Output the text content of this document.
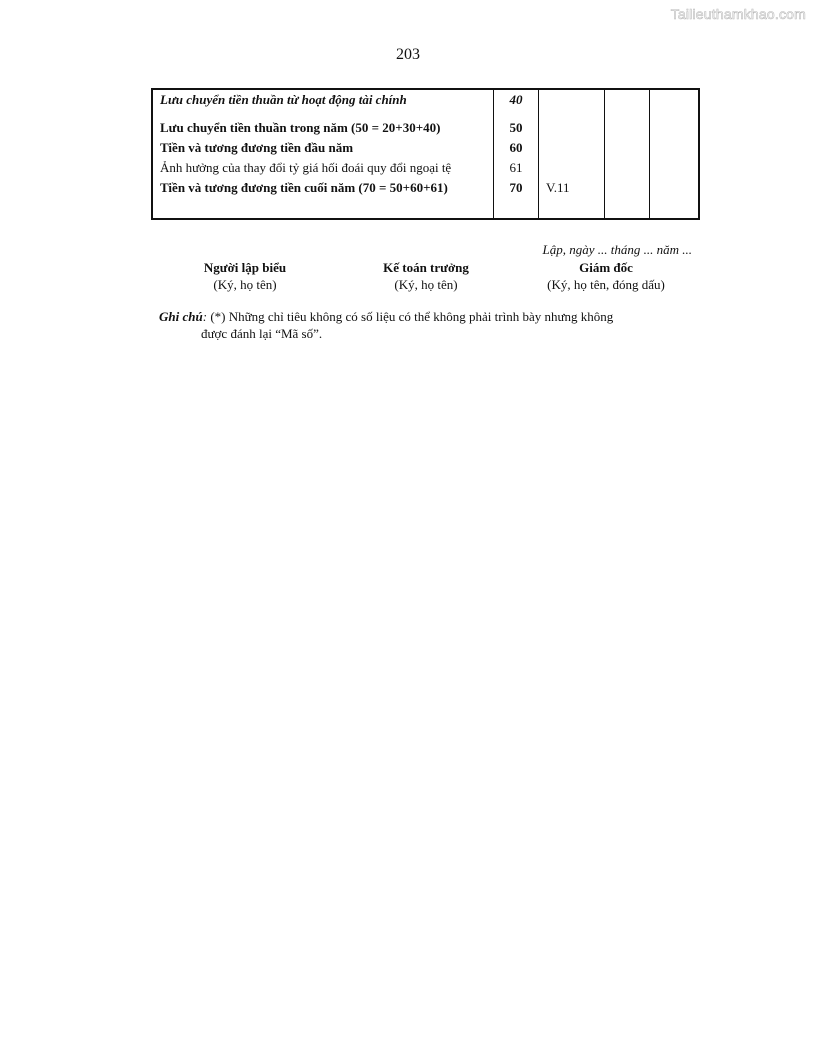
Tailieuthamkhao.com
203
Lưu chuyển tiền thuần từ hoạt động tài chính	40
Lưu chuyển tiền thuần trong năm (50 = 20+30+40)	50
Tiền và tương đương tiền đầu năm	60
Ảnh hưởng của thay đổi tỷ giá hối đoái quy đổi ngoại tệ	61
Tiền và tương đương tiền cuối năm (70 = 50+60+61)	70	V.11
Lập, ngày ... tháng ... năm ...
Người lập biểu
(Ký, họ tên)
Kế toán trưởng
(Ký, họ tên)
Giám đốc
(Ký, họ tên, đóng dấu)
Ghi chú: (*) Những chỉ tiêu không có số liệu có thể không phải trình bày nhưng không
được đánh lại “Mã số”.
